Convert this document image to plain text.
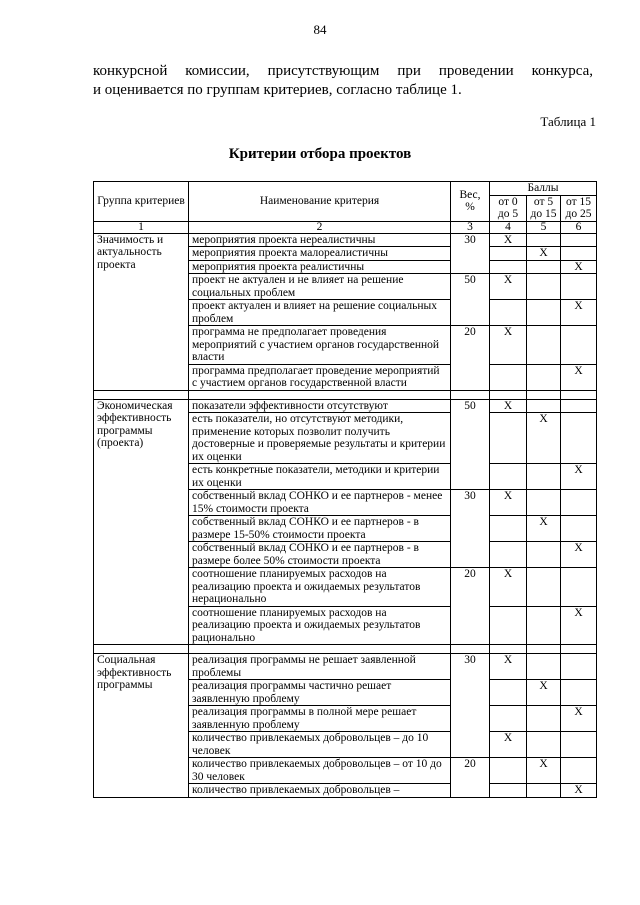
84
конкурсной комиссии, присутствующим при проведении конкурса,
и оценивается по группам критериев, согласно таблице 1.
Таблица 1
Критерии отбора проектов
Группа критериев	Наименование критерия	Вес, %	Баллы		
			от 0 до 5	от 5 до 15	от 15 до 25
1	2	3	4	5	6
Значимость и актуальность проекта	мероприятия проекта нереалистичны	30	X		
	мероприятия проекта малореалистичны			X	
	мероприятия проекта реалистичны				X
	проект не актуален и не влияет на решение социальных проблем	50	X		
	проект актуален и влияет на решение социальных проблем				X
	программа не предполагает проведения мероприятий с участием органов государственной власти	20	X		
	программа предполагает проведение мероприятий с участием органов государственной власти				X

Экономическая эффективность программы (проекта)	показатели эффективности отсутствуют	50	X		
	есть показатели, но отсутствуют методики, применение которых позволит получить достоверные и проверяемые результаты и критерии их оценки			X	
	есть конкретные показатели, методики и критерии их оценки				X
	собственный вклад СОНКО и ее партнеров - менее 15% стоимости проекта	30	X		
	собственный вклад СОНКО и ее партнеров - в размере 15-50% стоимости проекта			X	
	собственный вклад СОНКО и ее партнеров - в размере более 50% стоимости проекта				X
	соотношение планируемых расходов на реализацию проекта и ожидаемых результатов нерационально	20	X		
	соотношение планируемых расходов на реализацию проекта и ожидаемых результатов рационально				X

Социальная эффективность программы	реализация программы не решает заявленной проблемы	30	X		
	реализация программы частично решает заявленную проблему			X	
	реализация программы в полной мере решает заявленную проблему				X
	количество привлекаемых добровольцев – до 10 человек		X		
	количество привлекаемых добровольцев – от 10 до 30 человек	20		X	
	количество привлекаемых добровольцев –				X
